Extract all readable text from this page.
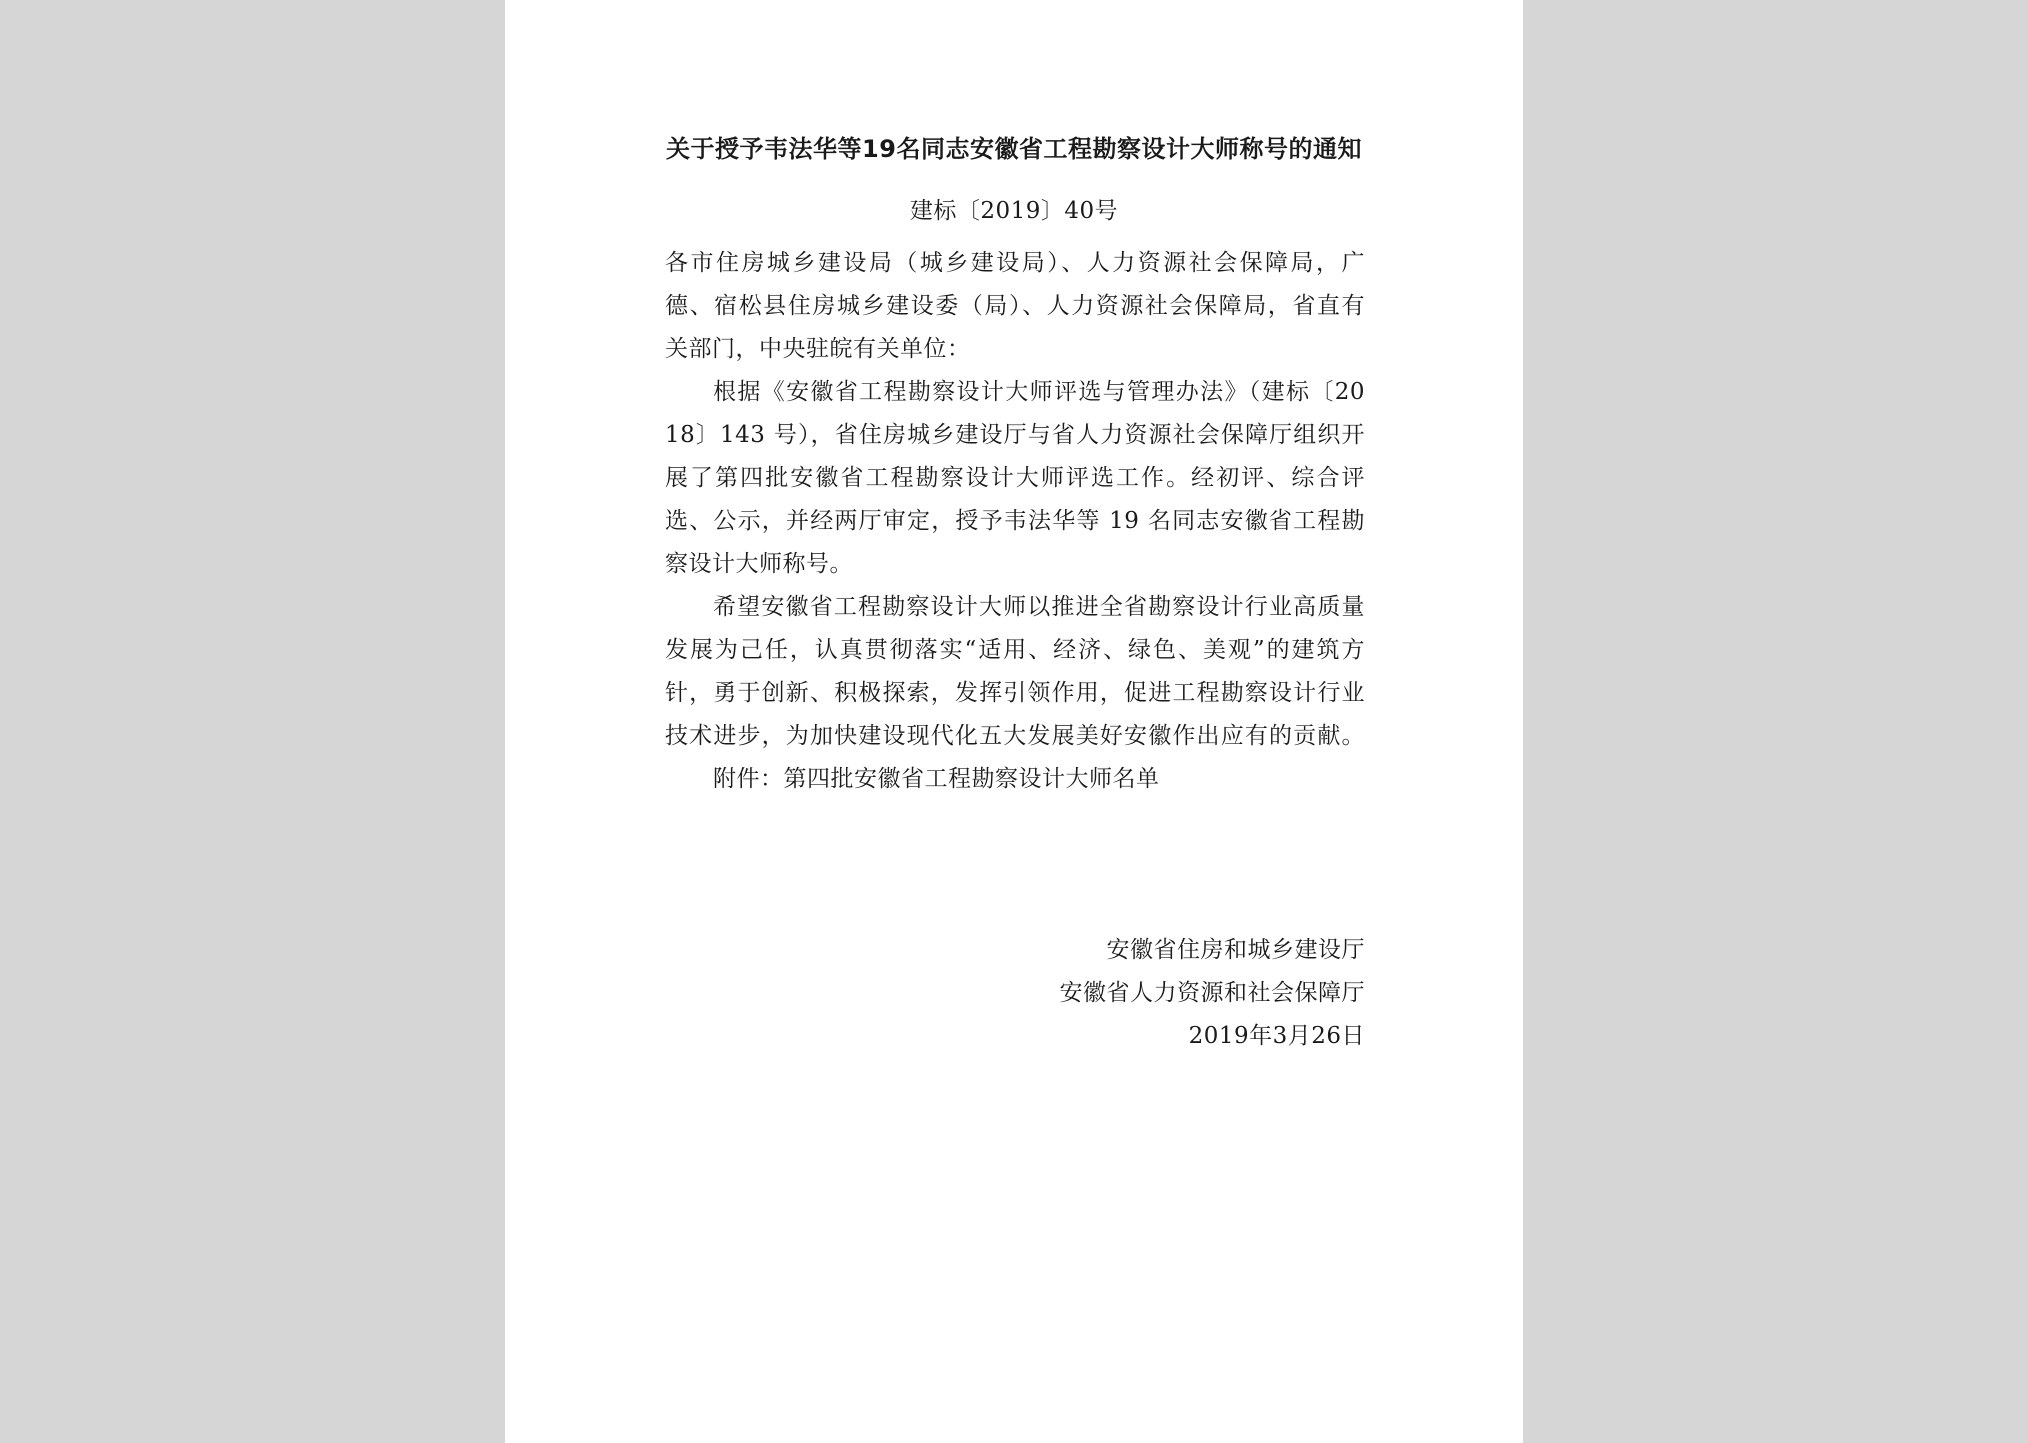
关于授予韦法华等19名同志安徽省工程勘察设计大师称号的通知
建标〔2019〕40号
各市住房城乡建设局（城乡建设局）、人力资源社会保障局，广
德、宿松县住房城乡建设委（局）、人力资源社会保障局，省直有
关部门，中央驻皖有关单位：
根据《安徽省工程勘察设计大师评选与管理办法》（建标〔20
18〕143 号），省住房城乡建设厅与省人力资源社会保障厅组织开
展了第四批安徽省工程勘察设计大师评选工作。经初评、综合评
选、公示，并经两厅审定，授予韦法华等 19 名同志安徽省工程勘
察设计大师称号。
希望安徽省工程勘察设计大师以推进全省勘察设计行业高质量
发展为己任，认真贯彻落实“适用、经济、绿色、美观”的建筑方
针，勇于创新、积极探索，发挥引领作用，促进工程勘察设计行业
技术进步，为加快建设现代化五大发展美好安徽作出应有的贡献。
附件：第四批安徽省工程勘察设计大师名单
安徽省住房和城乡建设厅
安徽省人力资源和社会保障厅
2019年3月26日
